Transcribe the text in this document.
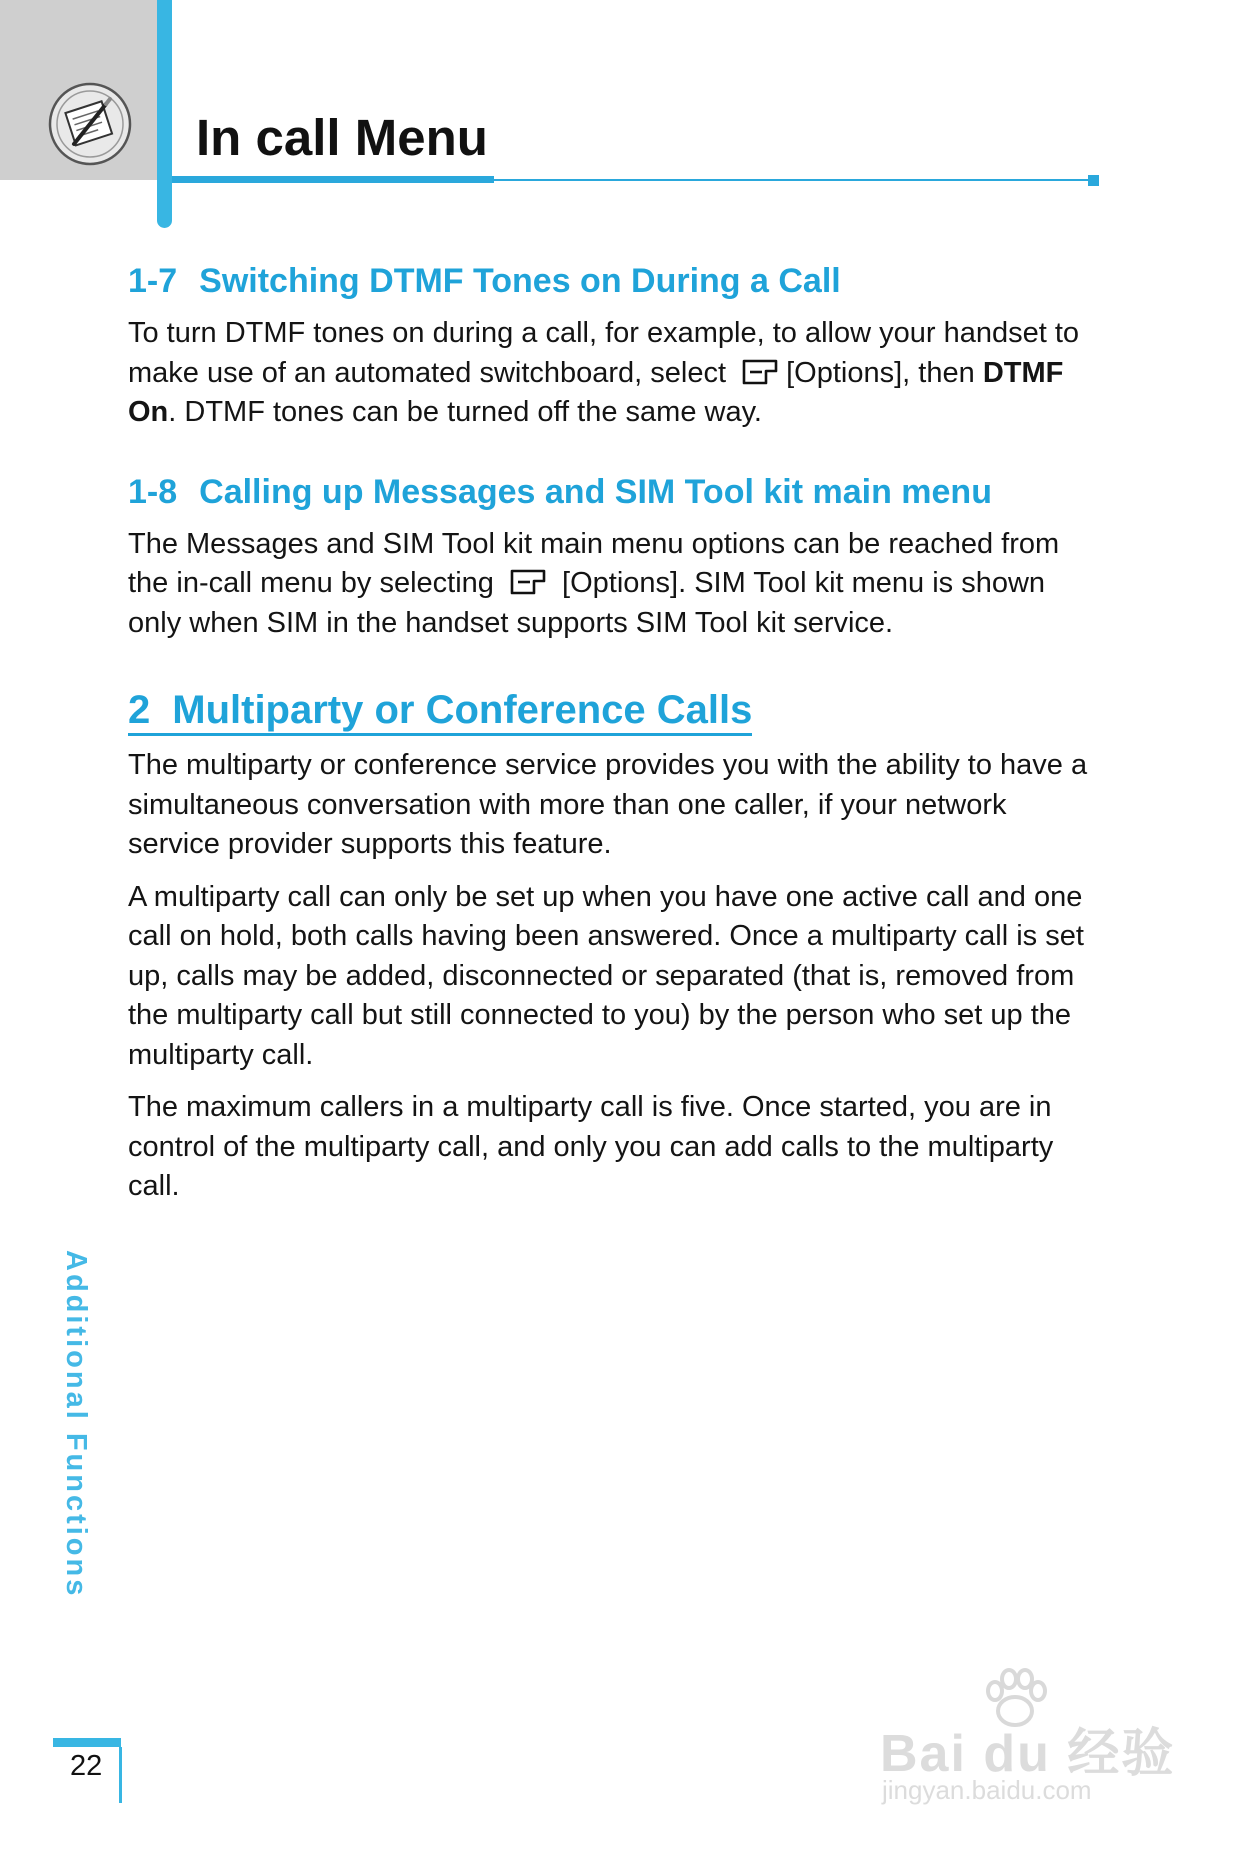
In call Menu
1-7 Switching DTMF Tones on During a Call

To turn DTMF tones on during a call, for example, to allow your handset to make use of an automated switchboard, select [Options], then DTMF On. DTMF tones can be turned off the same way.

1-8 Calling up Messages and SIM Tool kit main menu

The Messages and SIM Tool kit main menu options can be reached from the in-call menu by selecting [Options]. SIM Tool kit menu is shown only when SIM in the handset supports SIM Tool kit service.

2 Multiparty or Conference Calls

The multiparty or conference service provides you with the ability to have a simultaneous conversation with more than one caller, if your network service provider supports this feature.

A multiparty call can only be set up when you have one active call and one call on hold, both calls having been answered. Once a multiparty call is set up, calls may be added, disconnected or separated (that is, removed from the multiparty call but still connected to you) by the person who set up the multiparty call.

The maximum callers in a multiparty call is five. Once started, you are in control of the multiparty call, and only you can add calls to the multiparty call.

Additional Functions
22	Bai du 经验
jingyan.baidu.com
